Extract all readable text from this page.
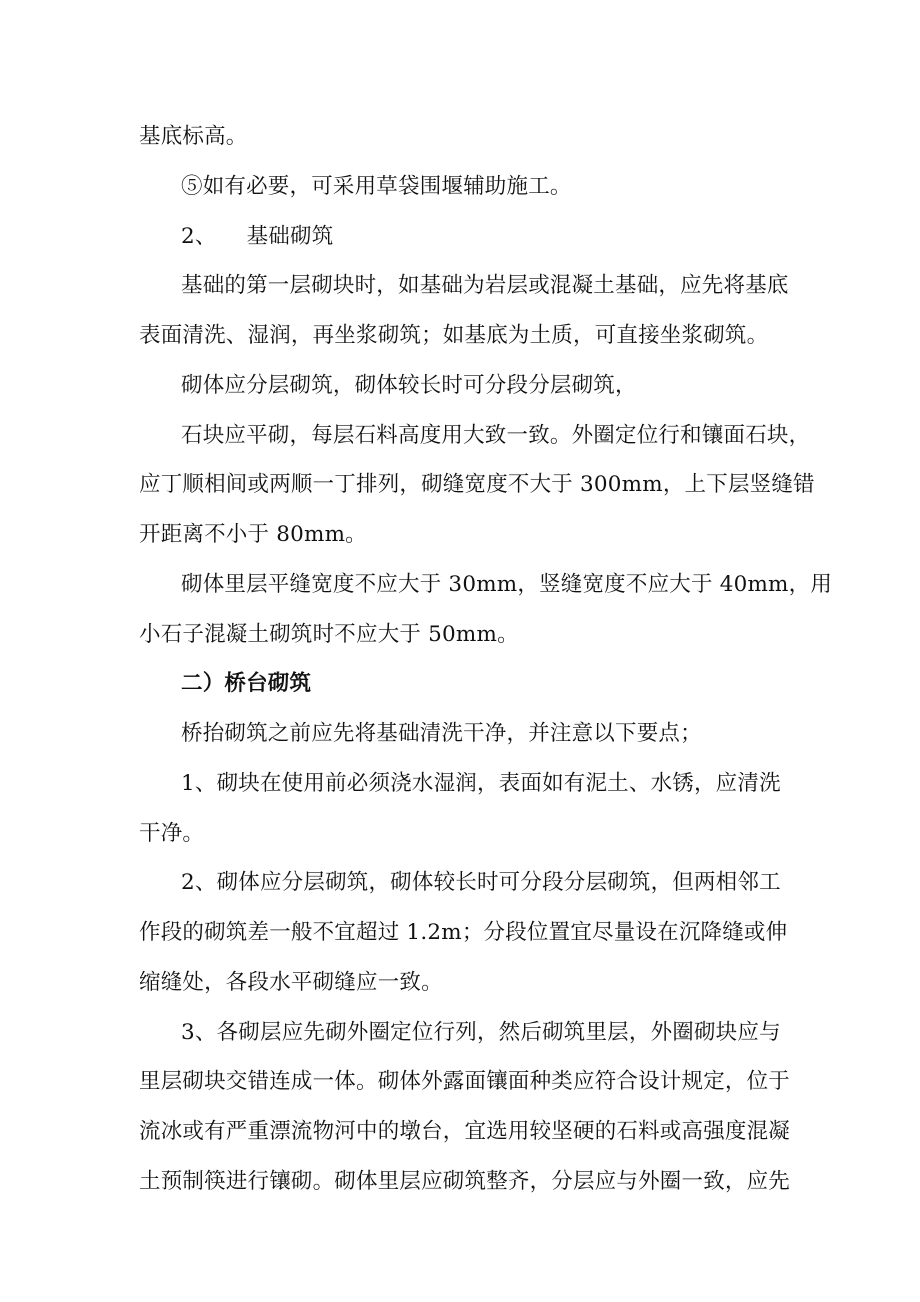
基底标高。
⑤如有必要，可采用草袋围堰辅助施工。
2、 基础砌筑
基础的第一层砌块时，如基础为岩层或混凝土基础，应先将基底
表面清洗、湿润，再坐浆砌筑；如基底为土质，可直接坐浆砌筑。
砌体应分层砌筑，砌体较长时可分段分层砌筑，
石块应平砌，每层石料高度用大致一致。外圈定位行和镶面石块，
应丁顺相间或两顺一丁排列，砌缝宽度不大于 300mm，上下层竖缝错
开距离不小于 80mm。
砌体里层平缝宽度不应大于 30mm，竖缝宽度不应大于 40mm，用
小石子混凝土砌筑时不应大于 50mm。
二）桥台砌筑
桥抬砌筑之前应先将基础清洗干净，并注意以下要点；
1、砌块在使用前必须浇水湿润，表面如有泥土、水锈，应清洗
干净。
2、砌体应分层砌筑，砌体较长时可分段分层砌筑，但两相邻工
作段的砌筑差一般不宜超过 1.2m；分段位置宜尽量设在沉降缝或伸
缩缝处，各段水平砌缝应一致。
3、各砌层应先砌外圈定位行列，然后砌筑里层，外圈砌块应与
里层砌块交错连成一体。砌体外露面镶面种类应符合设计规定，位于
流冰或有严重漂流物河中的墩台，宜选用较坚硬的石料或高强度混凝
土预制筷进行镶砌。砌体里层应砌筑整齐，分层应与外圈一致，应先
